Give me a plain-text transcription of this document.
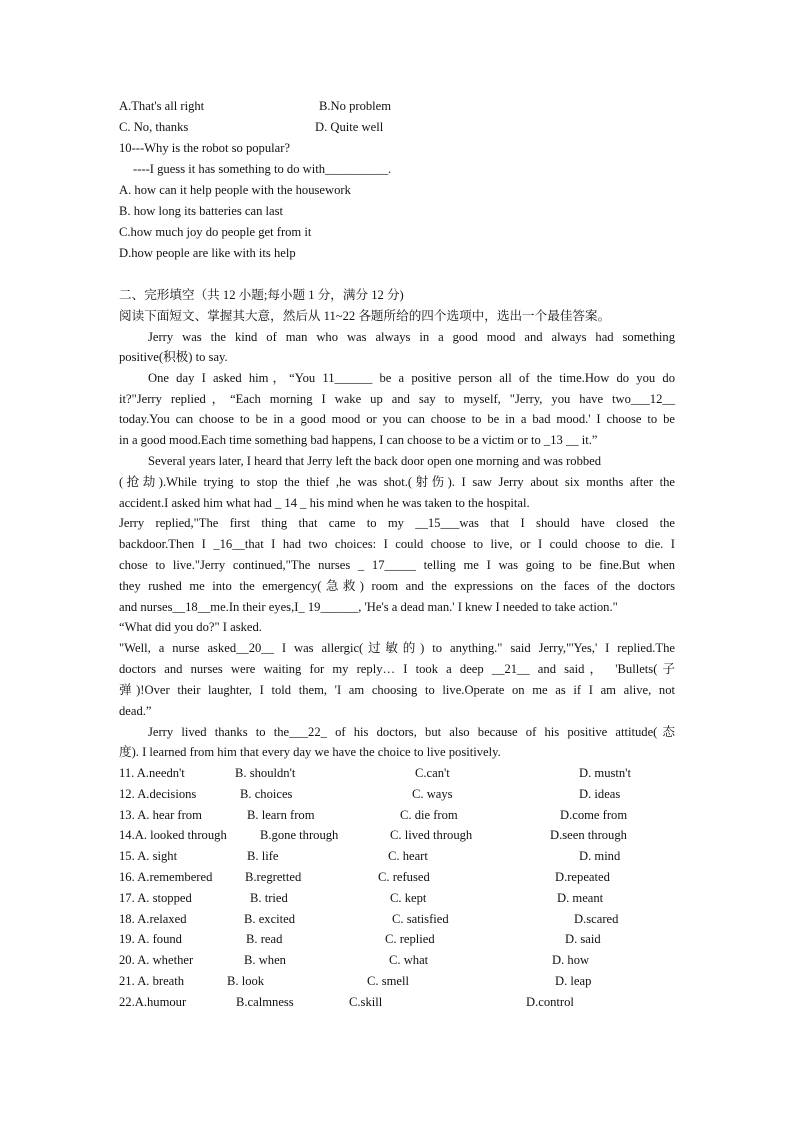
A.That's all right	B.No problem
C. No, thanks	D. Quite well
10---Why is the robot so popular?
----I guess it has something to do with__________.
A. how can it help people with the housework
B. how long its batteries can last
C.how much joy do people get from it
D.how people are like with its help
二、完形填空（共 12 小题;每小题 1 分，满分 12 分)
阅读下面短文、掌握其大意，然后从 11~22 各题所给的四个选项中，选出一个最佳答案。
Jerry was the kind of man who was always in a good mood and always had something
positive(积极) to say.
One day I asked him，“You 11______ be a positive person all of the time.How do you do
it?"Jerry replied，“Each morning I wake up and say to myself, "Jerry, you have two___12__
today.You can choose to be in a good mood or you can choose to be in a bad mood.' I choose to be
in a good mood.Each time something bad happens, I can choose to be a victim or to _13 __ it.”
Several years later, I heard that Jerry left the back door open one morning and was robbed
(抢劫).While trying to stop the thief ,he was shot.(射伤). I saw Jerry about six months after the
accident.I asked him what had _ 14 _ his mind when he was taken to the hospital.
Jerry replied,"The first thing that came to my __15___was that I should have closed the
backdoor.Then I _16__that I had two choices: I could choose to live, or I could choose to die. I
chose to live."Jerry continued,"The nurses _ 17_____ telling me I was going to be fine.But when
they rushed me into the emergency(急救) room and the expressions on the faces of the doctors
and nurses__18__me.In their eyes,I_ 19______, 'He's a dead man.' I knew I needed to take action."
“What did you do?" I asked.
"Well, a nurse asked__20__ I was allergic(过敏的) to anything." said Jerry,"'Yes,' I replied.The
doctors and nurses were waiting for my reply… I took a deep __21__ and said， 'Bullets(子
弹)!Over their laughter, I told them, 'I am choosing to live.Operate on me as if I am alive, not
dead.”
Jerry lived thanks to the___22_ of his doctors, but also because of his positive attitude(态
度). I learned from him that every day we have the choice to live positively.
11. A.needn't	B. shouldn't	C.can't	D. mustn't
12. A.decisions	B. choices	C. ways	D. ideas
13. A. hear from	B. learn from	C. die from	D.come from
14.A. looked through	B.gone through	C. lived through	D.seen through
15. A. sight	B. life	C. heart	D. mind
16. A.remembered	B.regretted	C. refused	D.repeated
17. A. stopped	B. tried	C. kept	D. meant
18. A.relaxed	B. excited	C. satisfied	D.scared
19. A. found	B. read	C. replied	D. said
20. A. whether	B. when	C. what	D. how
21. A. breath	B. look	C. smell	D. leap
22.A.humour	B.calmness	C.skill	D.control
